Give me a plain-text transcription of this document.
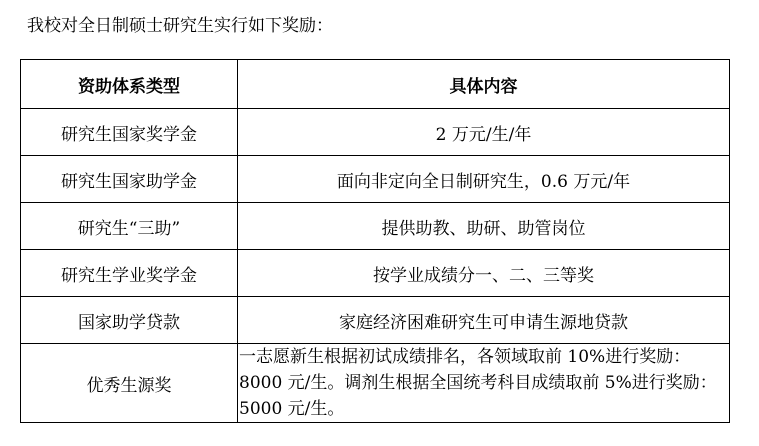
我校对全日制硕士研究生实行如下奖励：
资助体系类型	具体内容
研究生国家奖学金	2 万元/生/年
研究生国家助学金	面向非定向全日制研究生，0.6 万元/年
研究生“三助”	提供助教、助研、助管岗位
研究生学业奖学金	按学业成绩分一、二、三等奖
国家助学贷款	家庭经济困难研究生可申请生源地贷款
优秀生源奖	一志愿新生根据初试成绩排名，各领域取前 10%进行奖励：8000 元/生。调剂生根据全国统考科目成绩取前 5%进行奖励：5000 元/生。
